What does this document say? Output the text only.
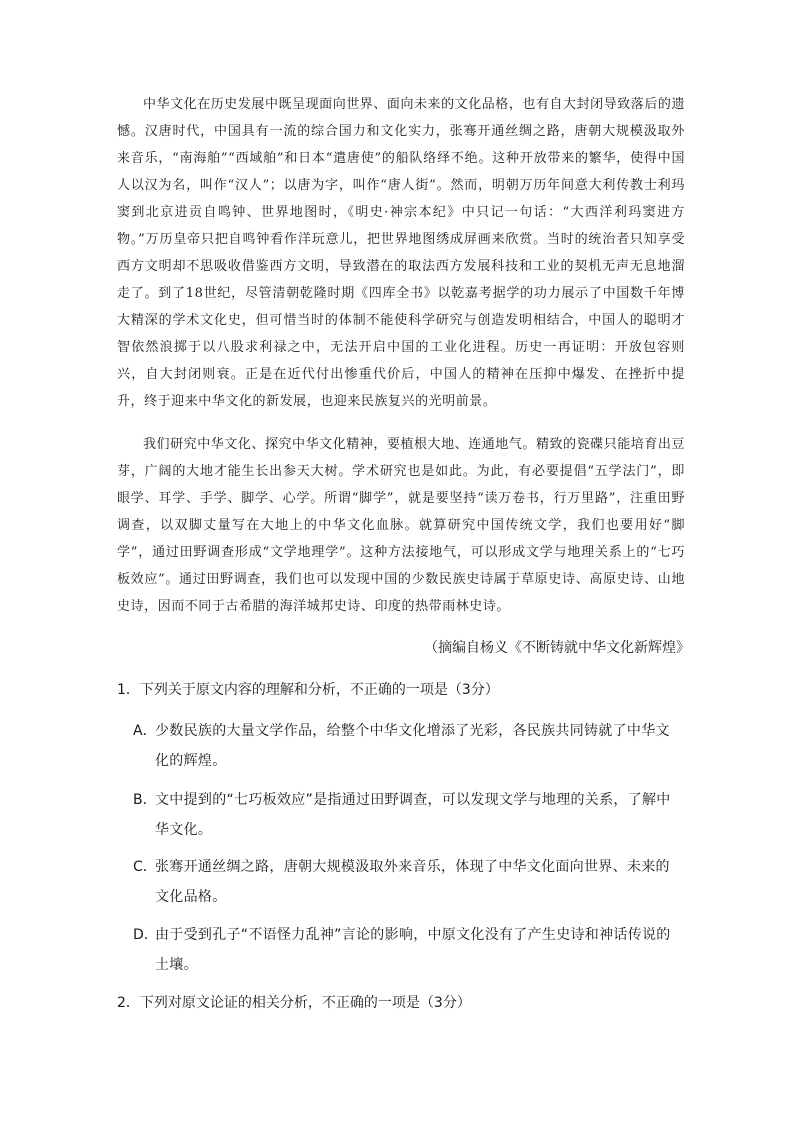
中华文化在历史发展中既呈现面向世界、面向未来的文化品格，也有自大封闭导致落后的遗憾。汉唐时代，中国具有一流的综合国力和文化实力，张骞开通丝绸之路，唐朝大规模汲取外来音乐，“南海舶”“西域舶”和日本“遣唐使”的船队络绎不绝。这种开放带来的繁华，使得中国人以汉为名，叫作“汉人”；以唐为字，叫作“唐人街”。然而，明朝万历年间意大利传教士利玛窦到北京进贡自鸣钟、世界地图时，《明史·神宗本纪》中只记一句话：“大西洋利玛窦进方物。”万历皇帝只把自鸣钟看作洋玩意儿，把世界地图绣成屏画来欣赏。当时的统治者只知享受西方文明却不思吸收借鉴西方文明，导致潜在的取法西方发展科技和工业的契机无声无息地溜走了。到了18世纪，尽管清朝乾隆时期《四库全书》以乾嘉考据学的功力展示了中国数千年博大精深的学术文化史，但可惜当时的体制不能使科学研究与创造发明相结合，中国人的聪明才智依然浪掷于以八股求利禄之中，无法开启中国的工业化进程。历史一再证明：开放包容则兴，自大封闭则衰。正是在近代付出惨重代价后，中国人的精神在压抑中爆发、在挫折中提升，终于迎来中华文化的新发展，也迎来民族复兴的光明前景。

我们研究中华文化、探究中华文化精神，要植根大地、连通地气。精致的瓷碟只能培育出豆芽，广阔的大地才能生长出参天大树。学术研究也是如此。为此，有必要提倡“五学法门”，即眼学、耳学、手学、脚学、心学。所谓“脚学”，就是要坚持“读万卷书，行万里路”，注重田野调查，以双脚丈量写在大地上的中华文化血脉。就算研究中国传统文学，我们也要用好“脚学”，通过田野调查形成“文学地理学”。这种方法接地气，可以形成文学与地理关系上的“七巧板效应”。通过田野调查，我们也可以发现中国的少数民族史诗属于草原史诗、高原史诗、山地史诗，因而不同于古希腊的海洋城邦史诗、印度的热带雨林史诗。

（摘编自杨义《不断铸就中华文化新辉煌》
1．下列关于原文内容的理解和分析，不正确的一项是（3分）
A．
少数民族的大量文学作品，给整个中华文化增添了光彩，各民族共同铸就了中华文化的辉煌。
B．
文中提到的“七巧板效应”是指通过田野调查，可以发现文学与地理的关系，了解中华文化。
C．
张骞开通丝绸之路，唐朝大规模汲取外来音乐，体现了中华文化面向世界、未来的文化品格。
D．
由于受到孔子“不语怪力乱神”言论的影响，中原文化没有了产生史诗和神话传说的土壤。
2．下列对原文论证的相关分析，不正确的一项是（3分）
